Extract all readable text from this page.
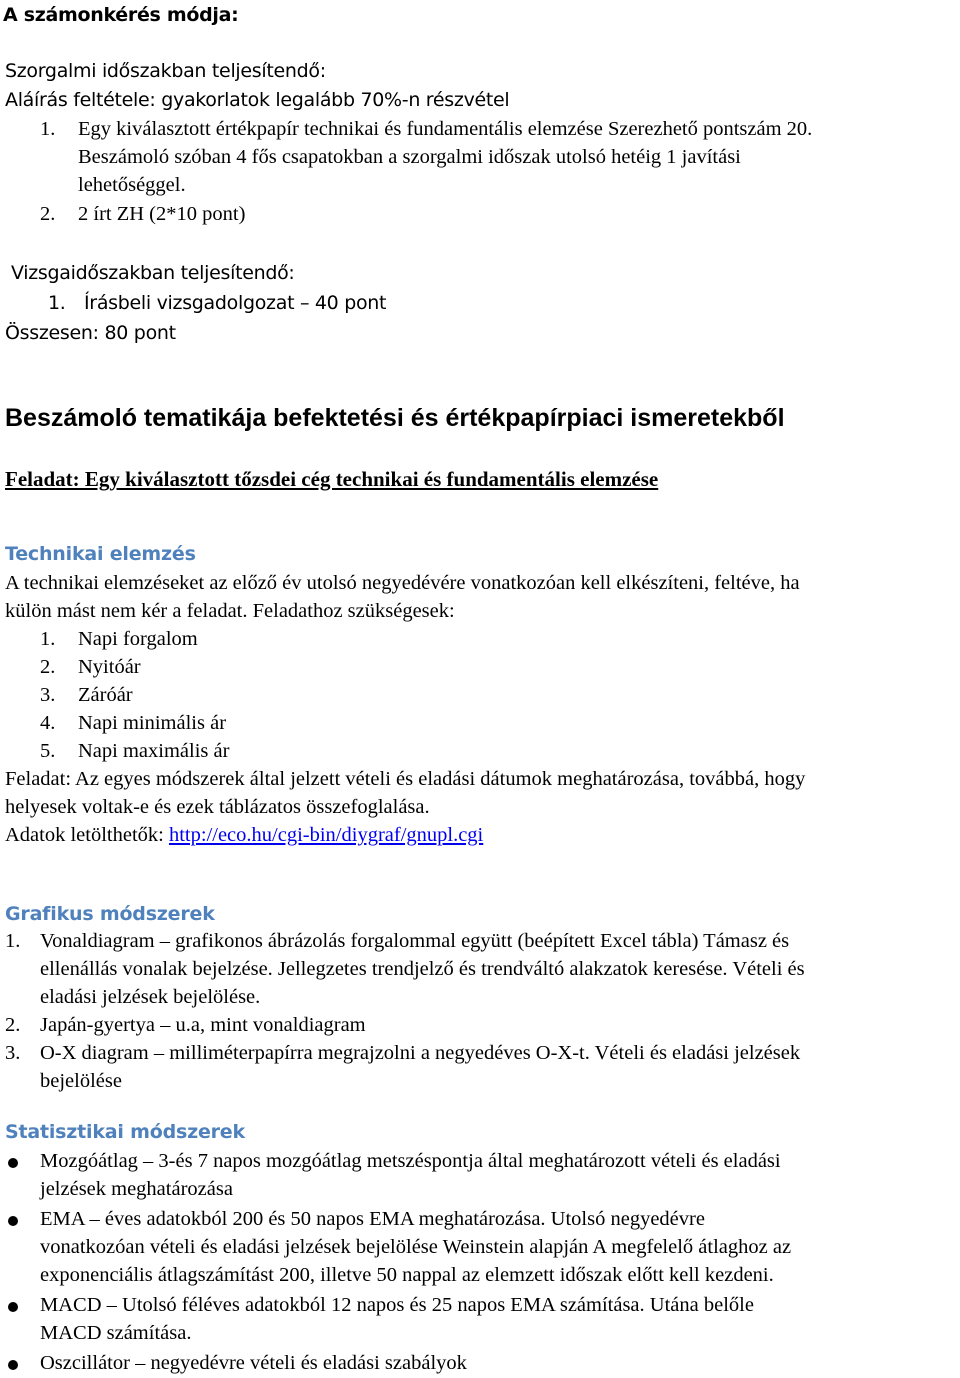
A számonkérés módja:
Szorgalmi időszakban teljesítendő:
Aláírás feltétele: gyakorlatok legalább 70%-n részvétel
1. Egy kiválasztott értékpapír technikai és fundamentális elemzése Szerezhető pontszám 20.
Beszámoló szóban 4 fős csapatokban a szorgalmi időszak utolsó hetéig 1 javítási
lehetőséggel.
2. 2 írt ZH (2*10 pont)
Vizsgaidőszakban teljesítendő:
1. Írásbeli vizsgadolgozat – 40 pont
Összesen: 80 pont
Beszámoló tematikája befektetési és értékpapírpiaci ismeretekből
Feladat: Egy kiválasztott tőzsdei cég technikai és fundamentális elemzése
Technikai elemzés
A technikai elemzéseket az előző év utolsó negyedévére vonatkozóan kell elkészíteni, feltéve, ha
külön mást nem kér a feladat. Feladathoz szükségesek:
1. Napi forgalom
2. Nyitóár
3. Záróár
4. Napi minimális ár
5. Napi maximális ár
Feladat: Az egyes módszerek által jelzett vételi és eladási dátumok meghatározása, továbbá, hogy
helyesek voltak-e és ezek táblázatos összefoglalása.
Adatok letölthetők: http://eco.hu/cgi-bin/diygraf/gnupl.cgi
Grafikus módszerek
1. Vonaldiagram – grafikonos ábrázolás forgalommal együtt (beépített Excel tábla) Támasz és
ellenállás vonalak bejelzése. Jellegzetes trendjelző és trendváltó alakzatok keresése. Vételi és
eladási jelzések bejelölése.
2. Japán-gyertya – u.a, mint vonaldiagram
3. O-X diagram – milliméterpapírra megrajzolni a negyedéves O-X-t. Vételi és eladási jelzések
bejelölése
Statisztikai módszerek
Mozgóátlag – 3-és 7 napos mozgóátlag metszéspontja által meghatározott vételi és eladási
jelzések meghatározása
EMA – éves adatokból 200 és 50 napos EMA meghatározása. Utolsó negyedévre
vonatkozóan vételi és eladási jelzések bejelölése Weinstein alapján A megfelelő átlaghoz az
exponenciális átlagszámítást 200, illetve 50 nappal az elemzett időszak előtt kell kezdeni.
MACD – Utolsó féléves adatokból 12 napos és 25 napos EMA számítása. Utána belőle
MACD számítása.
Oszcillátor – negyedévre vételi és eladási szabályok
